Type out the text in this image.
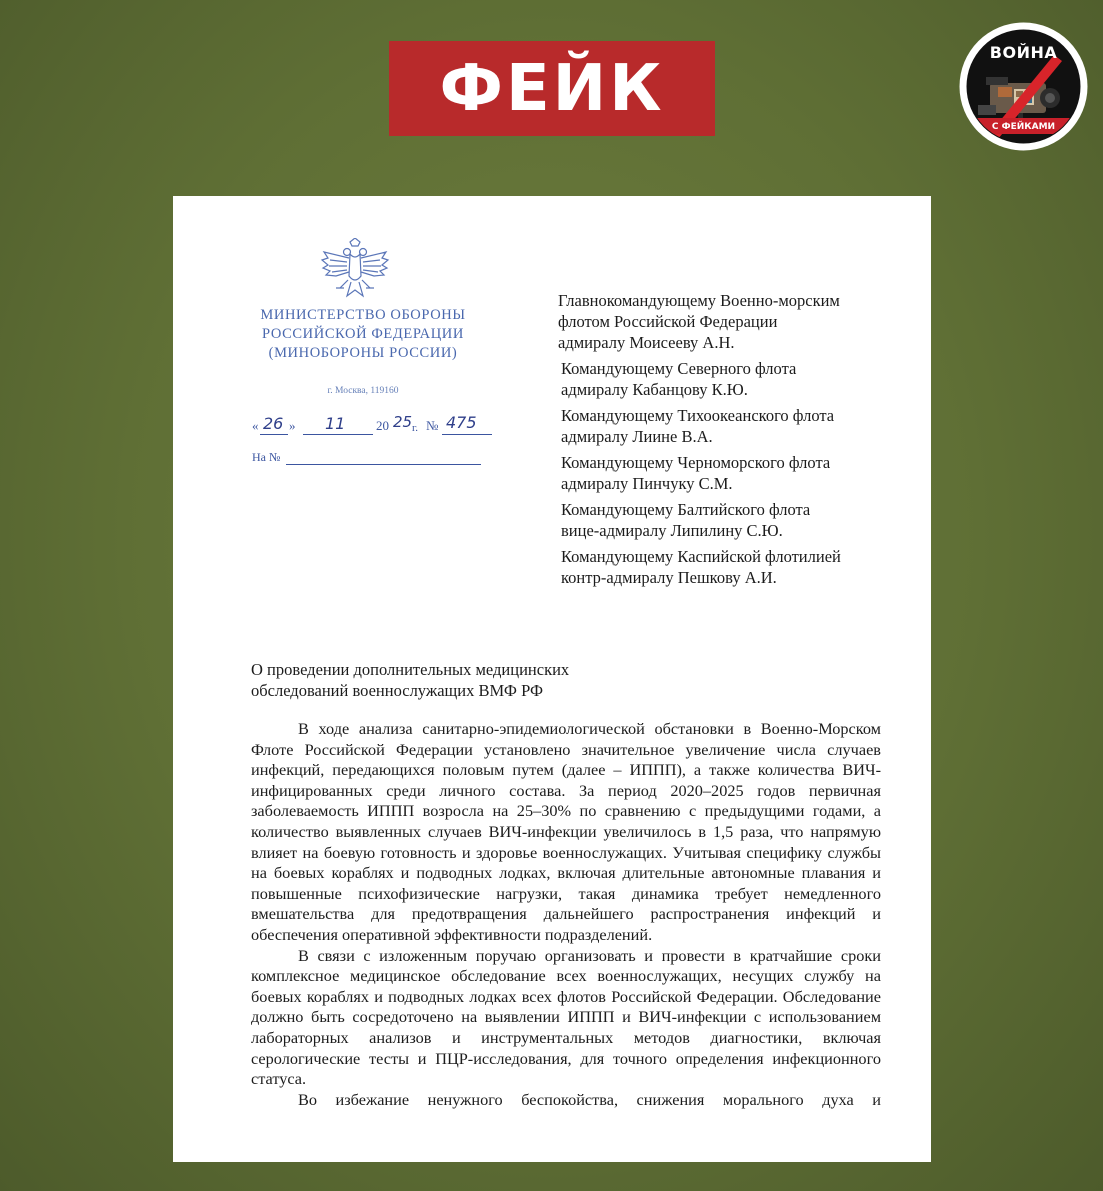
ФЕЙК	ВОЙНА
С ФЕЙКАМИ
МИНИСТЕРСТВО ОБОРОНЫ
РОССИЙСКОЙ ФЕДЕРАЦИИ
(МИНОБОРОНЫ РОССИИ)
г. Москва, 119160
« 26 » 11 20 25 г. № 475
На №
Главнокомандующему Военно-морским
флотом Российской Федерации
адмиралу Моисееву А.Н.
Командующему Северного флота
адмиралу Кабанцову К.Ю.
Командующему Тихоокеанского флота
адмиралу Лиине В.А.
Командующему Черноморского флота
адмиралу Пинчуку С.М.
Командующему Балтийского флота
вице-адмиралу Липилину С.Ю.
Командующему Каспийской флотилией
контр-адмиралу Пешкову А.И.
О проведении дополнительных медицинских
обследований военнослужащих ВМФ РФ

В ходе анализа санитарно-эпидемиологической обстановки в Военно-Морском Флоте Российской Федерации установлено значительное увеличение числа случаев инфекций, передающихся половым путем (далее – ИППП), а также количества ВИЧ-инфицированных среди личного состава. За период 2020–2025 годов первичная заболеваемость ИППП возросла на 25–30% по сравнению с предыдущими годами, а количество выявленных случаев ВИЧ-инфекции увеличилось в 1,5 раза, что напрямую влияет на боевую готовность и здоровье военнослужащих. Учитывая специфику службы на боевых кораблях и подводных лодках, включая длительные автономные плавания и повышенные психофизические нагрузки, такая динамика требует немедленного вмешательства для предотвращения дальнейшего распространения инфекций и обеспечения оперативной эффективности подразделений.

В связи с изложенным поручаю организовать и провести в кратчайшие сроки комплексное медицинское обследование всех военнослужащих, несущих службу на боевых кораблях и подводных лодках всех флотов Российской Федерации. Обследование должно быть сосредоточено на выявлении ИППП и ВИЧ-инфекции с использованием лабораторных анализов и инструментальных методов диагностики, включая серологические тесты и ПЦР-исследования, для точного определения инфекционного статуса.

Во избежание ненужного беспокойства, снижения морального духа и
